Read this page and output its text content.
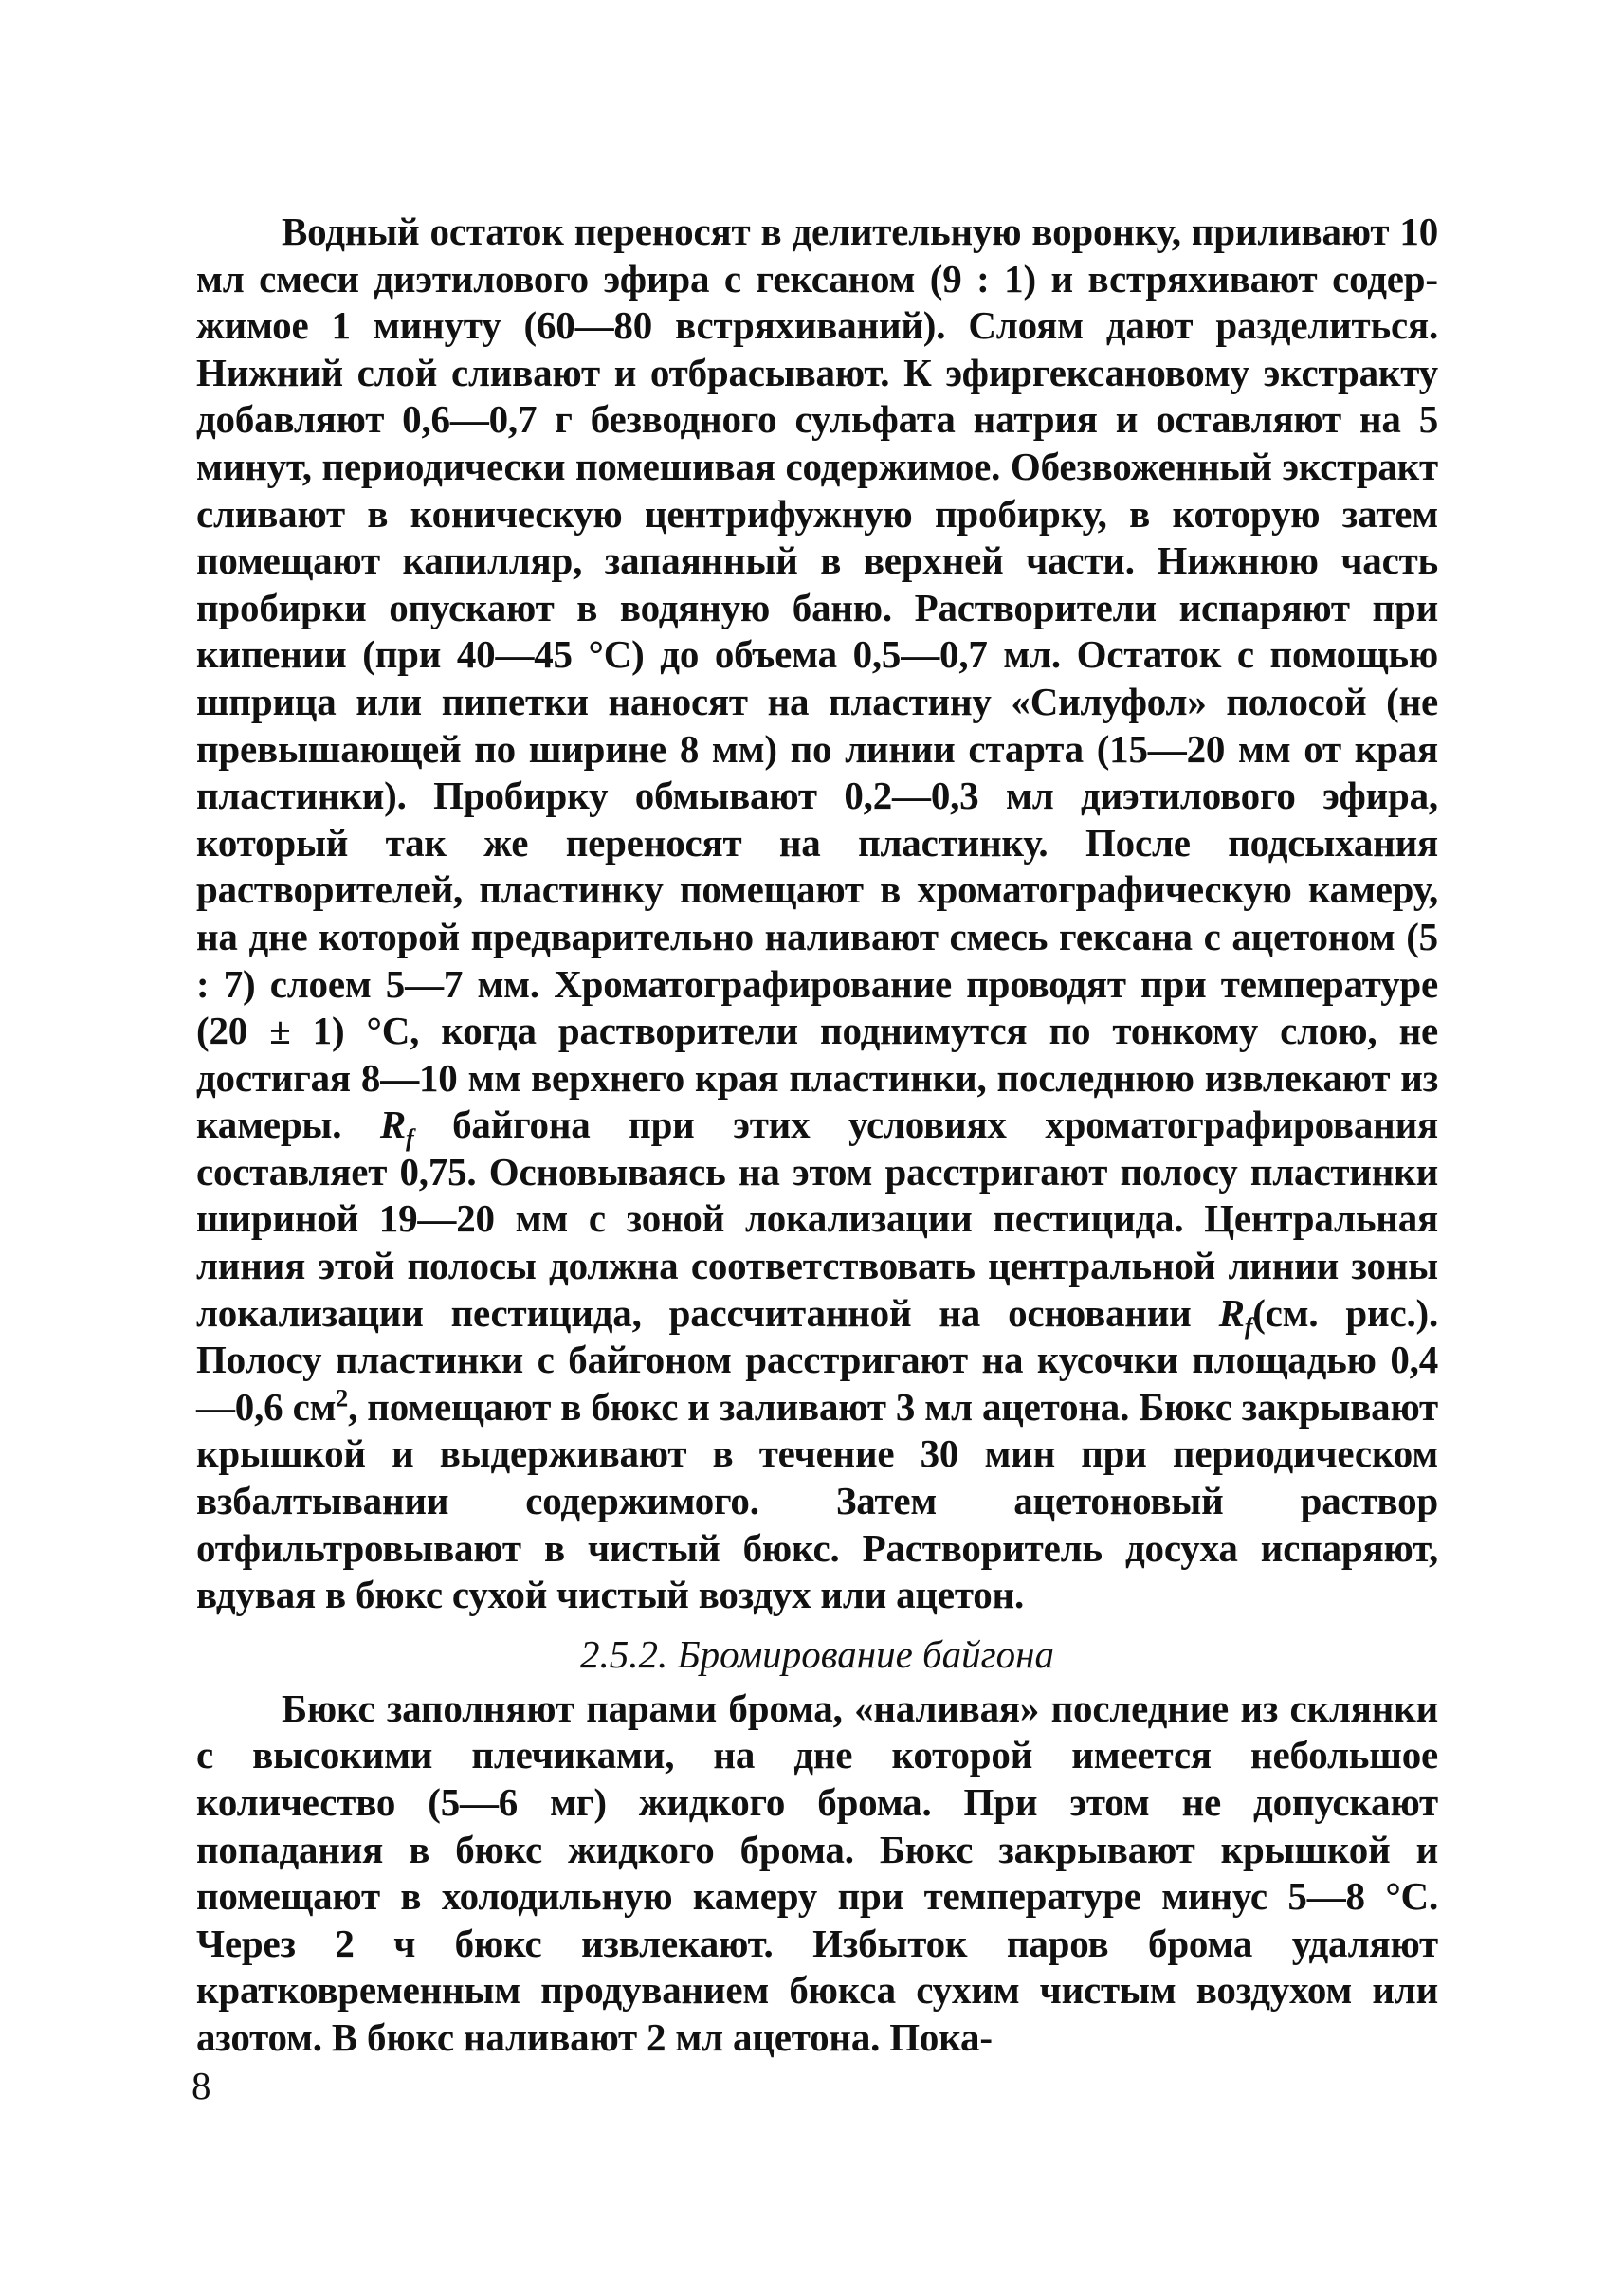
Водный остаток переносят в делительную воронку, приливают 10 мл смеси диэтилового эфира с гексаном (9 : 1) и встряхивают содержимое 1 минуту (60—80 встряхиваний). Слоям дают разделиться. Нижний слой сливают и отбрасывают. К эфиргексановому экстракту добавляют 0,6—0,7 г безводного сульфата натрия и оставляют на 5 минут, периодически помешивая содержимое. Обезвоженный экстракт сливают в коническую центрифужную пробирку, в которую затем помещают капилляр, запаянный в верхней части. Нижнюю часть пробирки опускают в водяную баню. Растворители испаряют при кипении (при 40—45 °С) до объема 0,5—0,7 мл. Остаток с помощью шприца или пипетки наносят на пластину «Силуфол» полосой (не превышающей по ширине 8 мм) по линии старта (15—20 мм от края пластинки). Пробирку обмывают 0,2—0,3 мл диэтилового эфира, который так же переносят на пластинку. После подсыхания растворителей, пластинку помещают в хроматографическую камеру, на дне которой предварительно наливают смесь гексана с ацетоном (5 : 7) слоем 5—7 мм. Хроматографирование проводят при температуре (20 ± 1) °С, когда растворители поднимутся по тонкому слою, не достигая 8—10 мм верхнего края пластинки, последнюю извлекают из камеры. $R_f$ байгона при этих условиях хроматографирования составляет 0,75. Основываясь на этом расстригают полосу пластинки шириной 19—20 мм с зоной локализации пестицида. Центральная линия этой полосы должна соответствовать центральной линии зоны локализации пестицида, рассчитанной на основании $R_f(см$. рис.). Полосу пластинки с байгоном расстригают на кусочки площадью 0,4—0,6 $см^2$, помещают в бюкс и заливают 3 мл ацетона. Бюкс закрывают крышкой и выдерживают в течение 30 мин при периодическом взбалтывании содержимого. Затем ацетоновый раствор отфильтровывают в чистый бюкс. Растворитель досуха испаряют, вдувая в бюкс сухой чистый воздух или ацетон.

2.5.2. Бромирование байгона

Бюкс заполняют парами брома, «наливая» последние из склянки с высокими плечиками, на дне которой имеется небольшое количество (5—6 мг) жидкого брома. При этом не допускают попадания в бюкс жидкого брома. Бюкс закрывают крышкой и помещают в холодильную камеру при температуре минус 5—8 °С. Через 2 ч бюкс извлекают. Избыток паров брома удаляют кратковременным продуванием бюкса сухим чистым воздухом или азотом. В бюкс наливают 2 мл ацетона. Пока-

8
